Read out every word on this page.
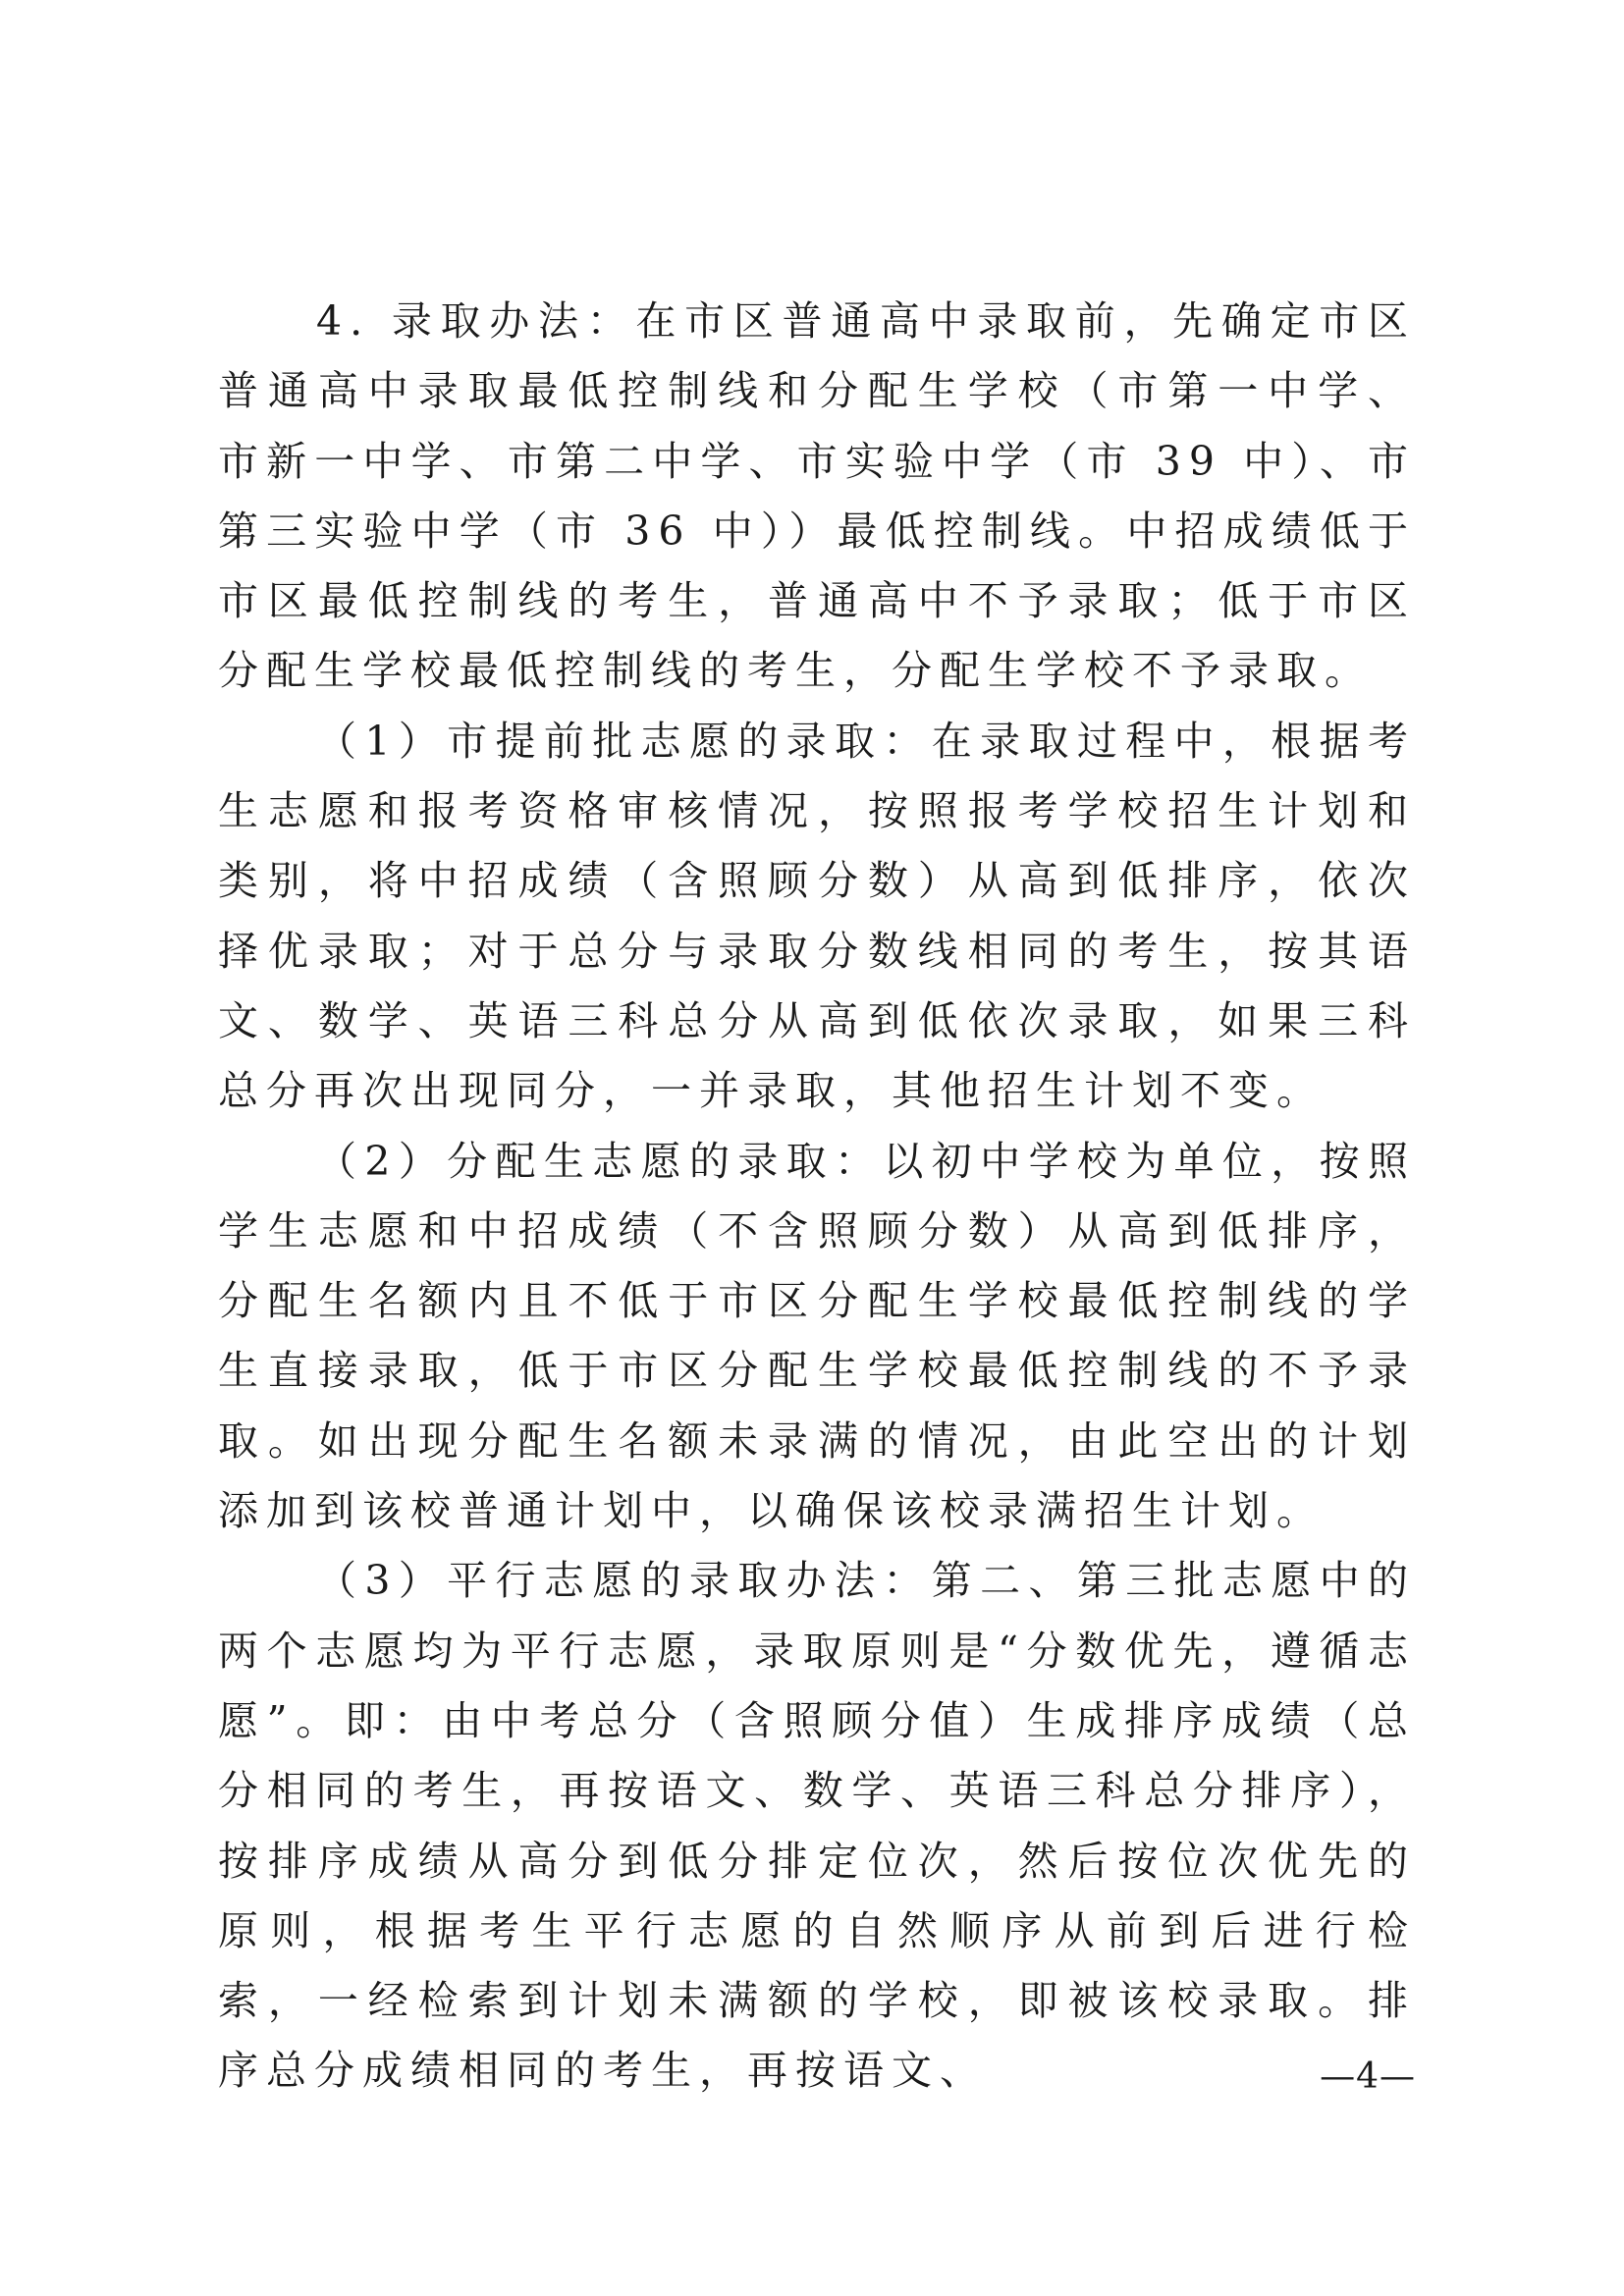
4. 录取办法：在市区普通高中录取前，先确定市区普通高中录取最低控制线和分配生学校（市第一中学、市新一中学、市第二中学、市实验中学（市 39 中）、市第三实验中学（市 36 中））最低控制线。中招成绩低于市区最低控制线的考生，普通高中不予录取；低于市区分配生学校最低控制线的考生，分配生学校不予录取。

（1）市提前批志愿的录取：在录取过程中，根据考生志愿和报考资格审核情况，按照报考学校招生计划和类别，将中招成绩（含照顾分数）从高到低排序，依次择优录取；对于总分与录取分数线相同的考生，按其语文、数学、英语三科总分从高到低依次录取，如果三科总分再次出现同分，一并录取，其他招生计划不变。

（2）分配生志愿的录取：以初中学校为单位，按照学生志愿和中招成绩（不含照顾分数）从高到低排序，分配生名额内且不低于市区分配生学校最低控制线的学生直接录取，低于市区分配生学校最低控制线的不予录取。如出现分配生名额未录满的情况，由此空出的计划添加到该校普通计划中，以确保该校录满招生计划。

（3）平行志愿的录取办法：第二、第三批志愿中的两个志愿均为平行志愿，录取原则是“分数优先，遵循志愿”。即：由中考总分（含照顾分值）生成排序成绩（总分相同的考生，再按语文、数学、英语三科总分排序），按排序成绩从高分到低分排定位次，然后按位次优先的原则，根据考生平行志愿的自然顺序从前到后进行检索，一经检索到计划未满额的学校，即被该校录取。排序总分成绩相同的考生，再按语文、	—4—
